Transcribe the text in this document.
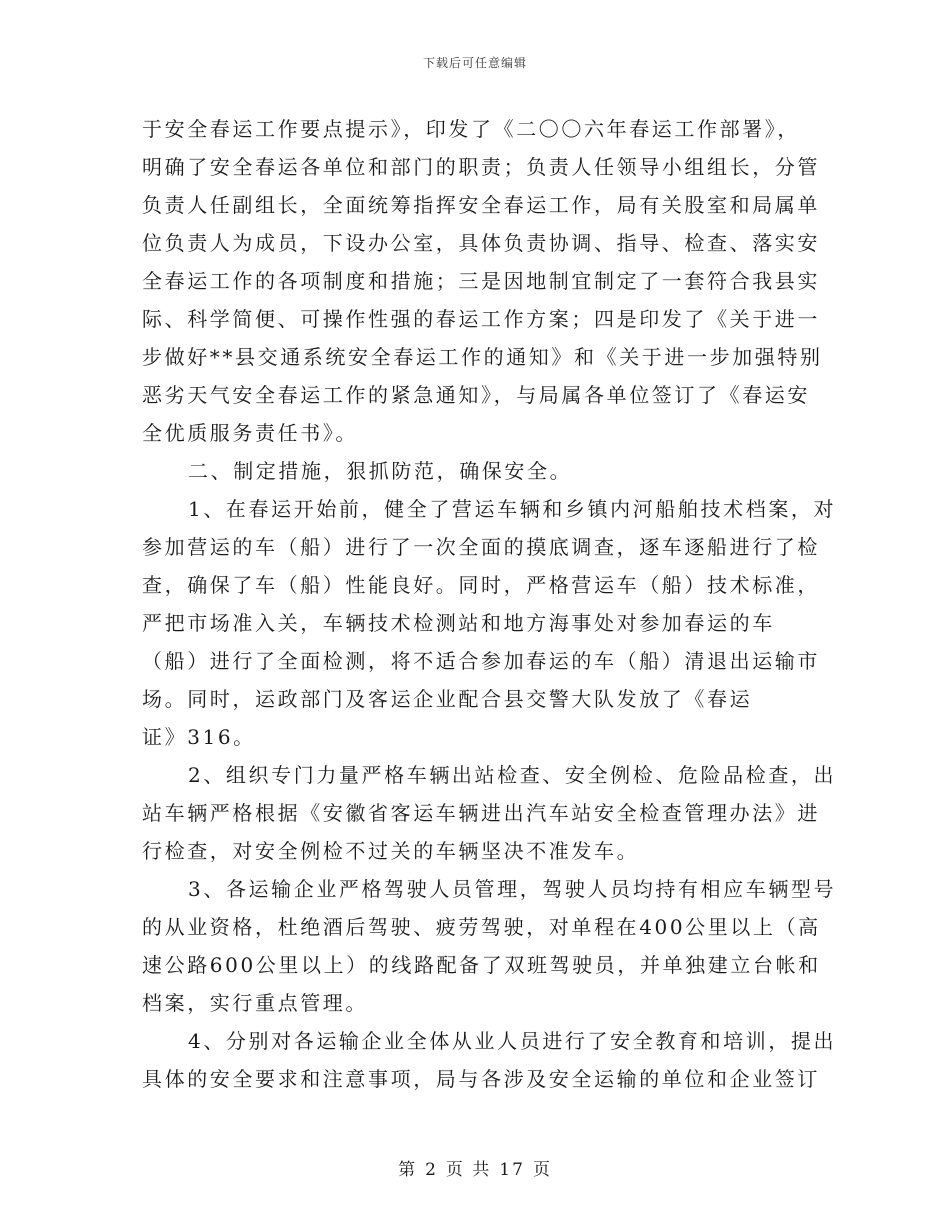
下载后可任意编辑
于安全春运工作要点提示》，印发了《二〇〇六年春运工作部署》，
明确了安全春运各单位和部门的职责；负责人任领导小组组长，分管
负责人任副组长，全面统筹指挥安全春运工作，局有关股室和局属单
位负责人为成员，下设办公室，具体负责协调、指导、检查、落实安
全春运工作的各项制度和措施；三是因地制宜制定了一套符合我县实
际、科学简便、可操作性强的春运工作方案；四是印发了《关于进一
步做好**县交通系统安全春运工作的通知》和《关于进一步加强特别
恶劣天气安全春运工作的紧急通知》，与局属各单位签订了《春运安
全优质服务责任书》。
二、制定措施，狠抓防范，确保安全。
1、在春运开始前，健全了营运车辆和乡镇内河船舶技术档案，对
参加营运的车（船）进行了一次全面的摸底调查，逐车逐船进行了检
查，确保了车（船）性能良好。同时，严格营运车（船）技术标准，
严把市场准入关，车辆技术检测站和地方海事处对参加春运的车
（船）进行了全面检测，将不适合参加春运的车（船）清退出运输市
场。同时，运政部门及客运企业配合县交警大队发放了《春运
证》316。
2、组织专门力量严格车辆出站检查、安全例检、危险品检查，出
站车辆严格根据《安徽省客运车辆进出汽车站安全检查管理办法》进
行检查，对安全例检不过关的车辆坚决不准发车。
3、各运输企业严格驾驶人员管理，驾驶人员均持有相应车辆型号
的从业资格，杜绝酒后驾驶、疲劳驾驶，对单程在400公里以上（高
速公路600公里以上）的线路配备了双班驾驶员，并单独建立台帐和
档案，实行重点管理。
4、分别对各运输企业全体从业人员进行了安全教育和培训，提出
具体的安全要求和注意事项，局与各涉及安全运输的单位和企业签订
第 2 页 共 17 页
